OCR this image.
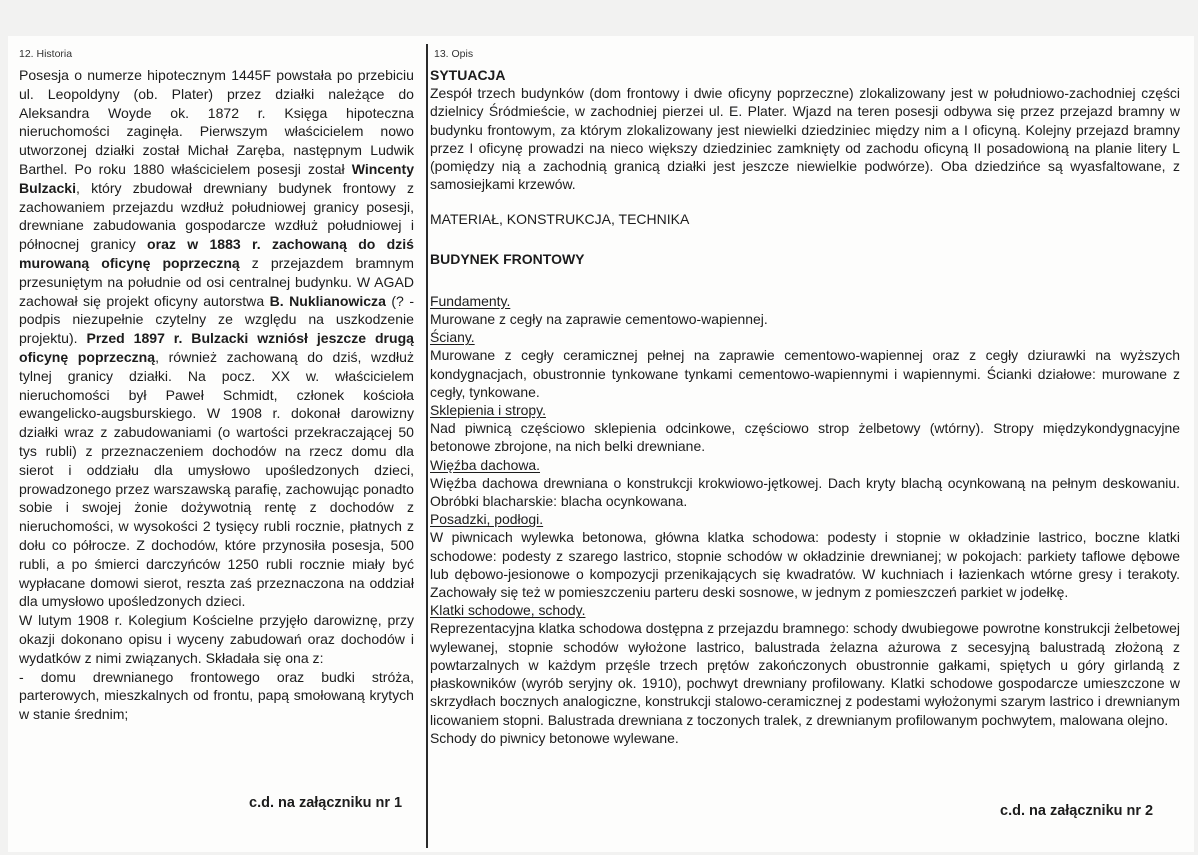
12. Historia

Posesja o numerze hipotecznym 1445F powstała po przebiciu ul. Leopoldyny (ob. Plater) przez działki należące do Aleksandra Woyde ok. 1872 r. Księga hipoteczna nieruchomości zaginęła. Pierwszym właścicielem nowo utworzonej działki został Michał Zaręba, następnym Ludwik Barthel. Po roku 1880 właścicielem posesji został Wincenty Bulzacki, który zbudował drewniany budynek frontowy z zachowaniem przejazdu wzdłuż południowej granicy posesji, drewniane zabudowania gospodarcze wzdłuż południowej i północnej granicy oraz w 1883 r. zachowaną do dziś murowaną oficynę poprzeczną z przejazdem bramnym przesuniętym na południe od osi centralnej budynku. W AGAD zachował się projekt oficyny autorstwa B. Nuklianowicza (? - podpis niezupełnie czytelny ze względu na uszkodzenie projektu). Przed 1897 r. Bulzacki wzniósł jeszcze drugą oficynę poprzeczną, również zachowaną do dziś, wzdłuż tylnej granicy działki. Na pocz. XX w. właścicielem nieruchomości był Paweł Schmidt, członek kościoła ewangelicko-augsburskiego. W 1908 r. dokonał darowizny działki wraz z zabudowaniami (o wartości przekraczającej 50 tys rubli) z przeznaczeniem dochodów na rzecz domu dla sierot i oddziału dla umysłowo upośledzonych dzieci, prowadzonego przez warszawską parafię, zachowując ponadto sobie i swojej żonie dożywotnią rentę z dochodów z nieruchomości, w wysokości 2 tysięcy rubli rocznie, płatnych z dołu co półrocze. Z dochodów, które przynosiła posesja, 500 rubli, a po śmierci darczyńców 1250 rubli rocznie miały być wypłacane domowi sierot, reszta zaś przeznaczona na oddział dla umysłowo upośledzonych dzieci.

W lutym 1908 r. Kolegium Kościelne przyjęło darowiznę, przy okazji dokonano opisu i wyceny zabudowań oraz dochodów i wydatków z nimi związanych. Składała się ona z:

- domu drewnianego frontowego oraz budki stróża, parterowych, mieszkalnych od frontu, papą smołowaną krytych w stanie średnim;

c.d. na załączniku nr 1
13. Opis

SYTUACJA

Zespół trzech budynków (dom frontowy i dwie oficyny poprzeczne) zlokalizowany jest w południowo-zachodniej części dzielnicy Śródmieście, w zachodniej pierzei ul. E. Plater. Wjazd na teren posesji odbywa się przez przejazd bramny w budynku frontowym, za którym zlokalizowany jest niewielki dziedziniec między nim a I oficyną. Kolejny przejazd bramny przez I oficynę prowadzi na nieco większy dziedziniec zamknięty od zachodu oficyną II posadowioną na planie litery L (pomiędzy nią a zachodnią granicą działki jest jeszcze niewielkie podwórze). Oba dziedzińce są wyasfaltowane, z samosiejkami krzewów.

MATERIAŁ, KONSTRUKCJA, TECHNIKA

BUDYNEK FRONTOWY

Fundamenty.

Murowane z cegły na zaprawie cementowo-wapiennej.

Ściany.

Murowane z cegły ceramicznej pełnej na zaprawie cementowo-wapiennej oraz z cegły dziurawki na wyższych kondygnacjach, obustronnie tynkowane tynkami cementowo-wapiennymi i wapiennymi. Ścianki działowe: murowane z cegły, tynkowane.

Sklepienia i stropy.

Nad piwnicą częściowo sklepienia odcinkowe, częściowo strop żelbetowy (wtórny). Stropy międzykondygnacyjne betonowe zbrojone, na nich belki drewniane.

Więźba dachowa.

Więźba dachowa drewniana o konstrukcji krokwiowo-jętkowej. Dach kryty blachą ocynkowaną na pełnym deskowaniu. Obróbki blacharskie: blacha ocynkowana.

Posadzki, podłogi.

W piwnicach wylewka betonowa, główna klatka schodowa: podesty i stopnie w okładzinie lastrico, boczne klatki schodowe: podesty z szarego lastrico, stopnie schodów w okładzinie drewnianej; w pokojach: parkiety taflowe dębowe lub dębowo-jesionowe o kompozycji przenikających się kwadratów. W kuchniach i łazienkach wtórne gresy i terakoty. Zachowały się też w pomieszczeniu parteru deski sosnowe, w jednym z pomieszczeń parkiet w jodełkę.

Klatki schodowe, schody.

Reprezentacyjna klatka schodowa dostępna z przejazdu bramnego: schody dwubiegowe powrotne konstrukcji żelbetowej wylewanej, stopnie schodów wyłożone lastrico, balustrada żelazna ażurowa z secesyjną balustradą złożoną z powtarzalnych w każdym przęśle trzech prętów zakończonych obustronnie gałkami, spiętych u góry girlandą z płaskowników (wyrób seryjny ok. 1910), pochwyt drewniany profilowany. Klatki schodowe gospodarcze umieszczone w skrzydłach bocznych analogiczne, konstrukcji stalowo-ceramicznej z podestami wyłożonymi szarym lastrico i drewnianym licowaniem stopni. Balustrada drewniana z toczonych tralek, z drewnianym profilowanym pochwytem, malowana olejno.

Schody do piwnicy betonowe wylewane.

c.d. na załączniku nr 2
